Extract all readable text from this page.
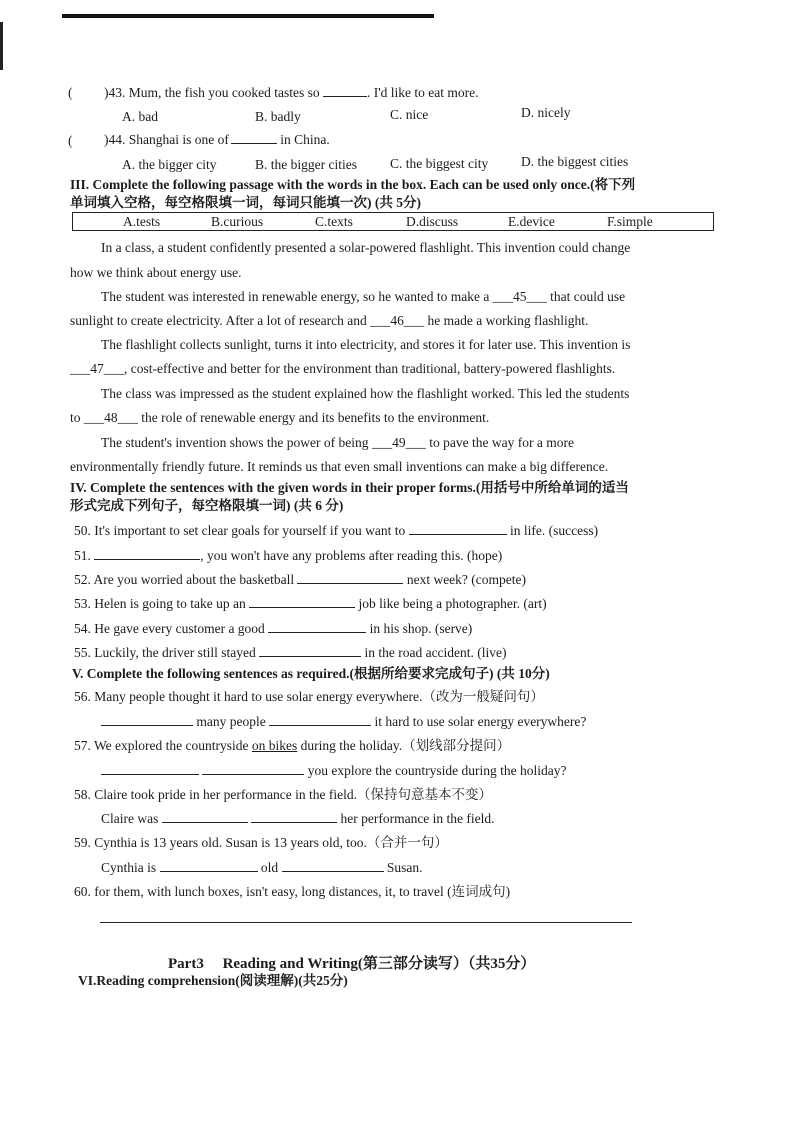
( )43. Mum, the fish you cooked tastes so	. I'd like to eat more.
A. bad	B. badly	C. nice	D. nicely
( )44. Shanghai is one of	in China.
A. the bigger city	B. the bigger cities C. the biggest city D. the biggest cities
III. Complete the following passage with the words in the box. Each can be used only once.(将下列
单词填入空格，每空格限填一词，每词只能填一次) (共 5分)
A.tests	B.curious	C.texts	D.discuss	E.device	F.simple
In a class, a student confidently presented a solar-powered flashlight. This invention could change
how we think about energy use.
The student was interested in renewable energy, so he wanted to make a ___45___ that could use
sunlight to create electricity. After a lot of research and ___46___ he made a working flashlight.
The flashlight collects sunlight, turns it into electricity, and stores it for later use. This invention is
___47___, cost-effective and better for the environment than traditional, battery-powered flashlights.
The class was impressed as the student explained how the flashlight worked. This led the students
to ___48___ the role of renewable energy and its benefits to the environment.
The student's invention shows the power of being ___49___ to pave the way for a more
environmentally friendly future. It reminds us that even small inventions can make a big difference.
IV. Complete the sentences with the given words in their proper forms.(用括号中所给单词的适当
形式完成下列句子，每空格限填一词) (共 6 分)
50. It's important to set clear goals for yourself if you want to	in life. (success)
51.	, you won't have any problems after reading this. (hope)
52. Are you worried about the basketball	next week? (compete)
53. Helen is going to take up an	job like being a photographer. (art)
54. He gave every customer a good	in his shop. (serve)
55. Luckily, the driver still stayed	in the road accident. (live)
V. Complete the following sentences as required.(根据所给要求完成句子) (共 10分)
56. Many people thought it hard to use solar energy everywhere.（改为一般疑问句）
many people	it hard to use solar energy everywhere?
57. We explored the countryside on bikes during the holiday.（划线部分提问）
you explore the countryside during the holiday?
58. Claire took pride in her performance in the field.（保持句意基本不变）
Claire was	her performance in the field.
59. Cynthia is 13 years old. Susan is 13 years old, too.（合并一句）
Cynthia is	old	Susan.
60. for them, with lunch boxes, isn't easy, long distances, it, to travel (连词成句)
Part3     Reading and Writing(第三部分读写）（共35分）
VI.Reading comprehension(阅读理解)(共25分)
